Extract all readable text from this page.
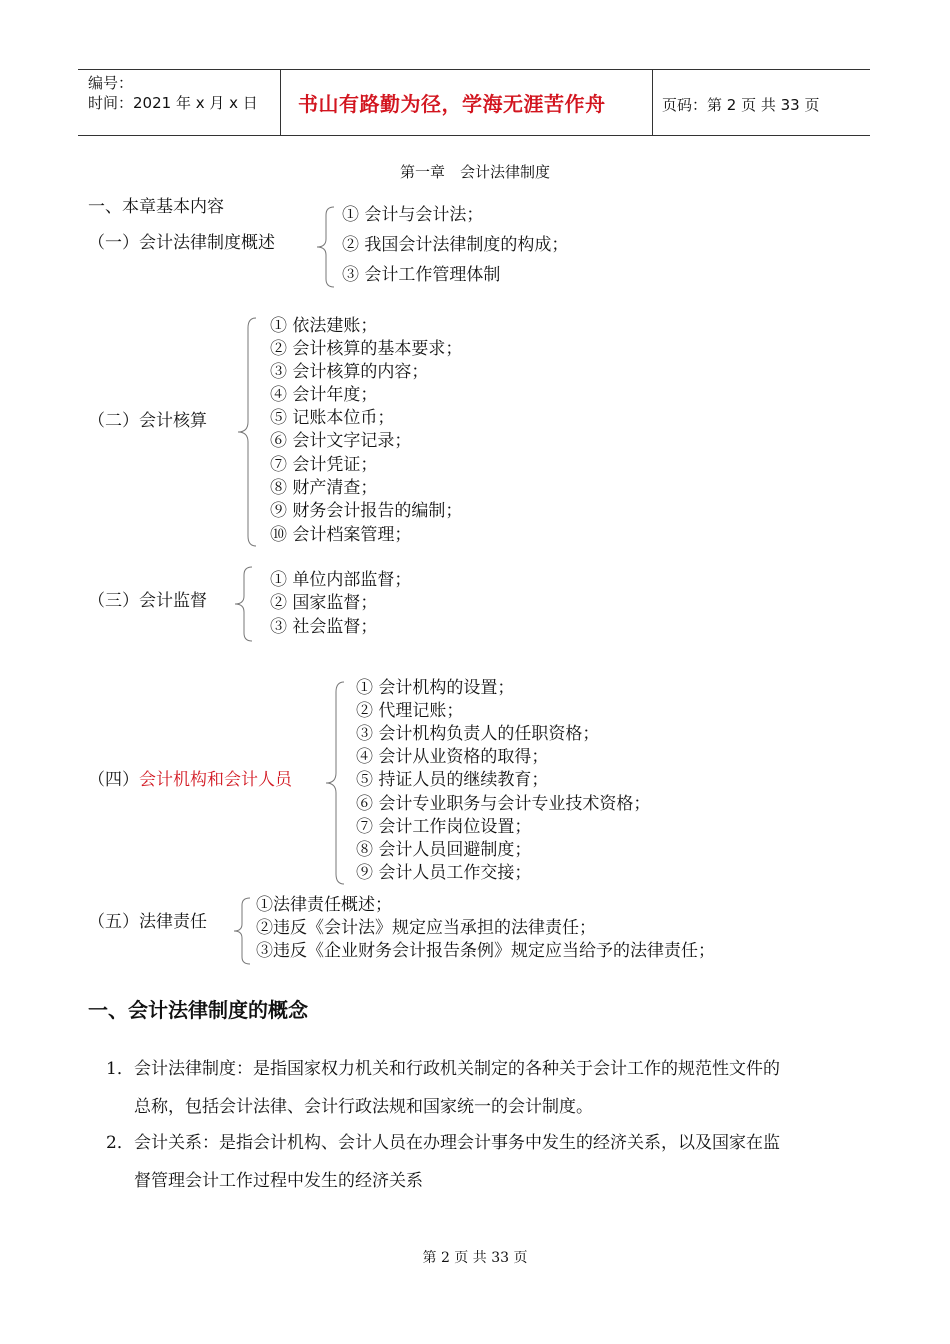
编号：
时间：2021 年 x 月 x 日 书山有路勤为径，学海无涯苦作舟	页码：第 2 页 共 33 页
第一章　会计法律制度
一、本章基本内容
（一）会计法律制度概述
① 会计与会计法；
② 我国会计法律制度的构成；
③ 会计工作管理体制
（二）会计核算
① 依法建账；
② 会计核算的基本要求；
③ 会计核算的内容；
④ 会计年度；
⑤ 记账本位币；
⑥ 会计文字记录；
⑦ 会计凭证；
⑧ 财产清查；
⑨ 财务会计报告的编制；
⑩ 会计档案管理；
（三）会计监督
① 单位内部监督；
② 国家监督；
③ 社会监督；
（四）会计机构和会计人员
① 会计机构的设置；
② 代理记账；
③ 会计机构负责人的任职资格；
④ 会计从业资格的取得；
⑤ 持证人员的继续教育；
⑥ 会计专业职务与会计专业技术资格；
⑦ 会计工作岗位设置；
⑧ 会计人员回避制度；
⑨ 会计人员工作交接；
（五）法律责任
①法律责任概述；
②违反《会计法》规定应当承担的法律责任；
③违反《企业财务会计报告条例》规定应当给予的法律责任；
一、会计法律制度的概念
1．会计法律制度：是指国家权力机关和行政机关制定的各种关于会计工作的规范性文件的
总称，包括会计法律、会计行政法规和国家统一的会计制度。
2．会计关系：是指会计机构、会计人员在办理会计事务中发生的经济关系，以及国家在监
督管理会计工作过程中发生的经济关系
第 2 页 共 33 页
